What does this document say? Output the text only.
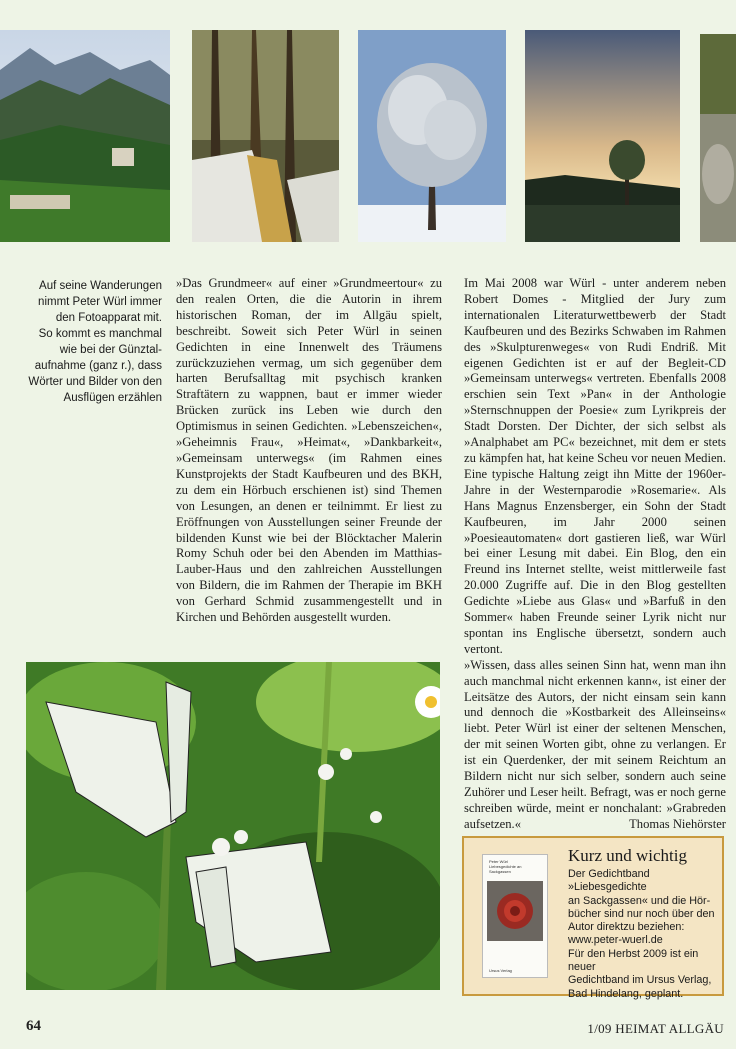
Auf seine Wanderungen
nimmt Peter Würl immer
den Fotoapparat mit.
So kommt es manchmal
wie bei der Günztal-
aufnahme (ganz r.), dass
Wörter und Bilder von den
Ausflügen erzählen

»Das Grundmeer« auf einer »Grundmeertour« zu den realen Orten, die die Autorin in ihrem historischen Roman, der im Allgäu spielt, beschreibt. Soweit sich Peter Würl in seinen Gedichten in eine Innenwelt des Träumens zurückzuziehen vermag, um sich gegenüber dem harten Berufsalltag mit psychisch kranken Straftätern zu wappnen, baut er immer wieder Brücken zurück ins Leben wie durch den Optimismus in seinen Gedichten. »Lebenszeichen«, »Geheimnis Frau«, »Heimat«, »Dankbarkeit«, »Gemeinsam unterwegs« (im Rahmen eines Kunstprojekts der Stadt Kaufbeuren und des BKH, zu dem ein Hörbuch erschienen ist) sind Themen von Lesungen, an denen er teilnimmt. Er liest zu Eröffnungen von Ausstellungen seiner Freunde der bildenden Kunst wie bei der Blöcktacher Malerin Romy Schuh oder bei den Abenden im Matthias-Lauber-Haus und den zahlreichen Ausstellungen von Bildern, die im Rahmen der Therapie im BKH von Gerhard Schmid zusammengestellt und in Kirchen und Behörden ausgestellt wurden.

Im Mai 2008 war Würl - unter anderem neben Robert Domes - Mitglied der Jury zum internationalen Literaturwettbewerb der Stadt Kaufbeuren und des Bezirks Schwaben im Rahmen des »Skulpturenweges« von Rudi Endriß. Mit eigenen Gedichten ist er auf der Begleit-CD »Gemeinsam unterwegs« vertreten. Ebenfalls 2008 erschien sein Text »Pan« in der Anthologie »Sternschnuppen der Poesie« zum Lyrikpreis der Stadt Dorsten. Der Dichter, der sich selbst als »Analphabet am PC« bezeichnet, mit dem er stets zu kämpfen hat, hat keine Scheu vor neuen Medien. Eine typische Haltung zeigt ihn Mitte der 1960er-Jahre in der Westernparodie »Rosemarie«. Als Hans Magnus Enzensberger, ein Sohn der Stadt Kaufbeuren, im Jahr 2000 seinen »Poesieautomaten« dort gastieren ließ, war Würl bei einer Lesung mit dabei. Ein Blog, den ein Freund ins Internet stellte, weist mittlerweile fast 20.000 Zugriffe auf. Die in den Blog gestellten Gedichte »Liebe aus Glas« und »Barfuß in den Sommer« haben Freunde seiner Lyrik nicht nur spontan ins Englische übersetzt, sondern auch vertont.

»Wissen, dass alles seinen Sinn hat, wenn man ihn auch manchmal nicht erkennen kann«, ist einer der Leitsätze des Autors, der nicht einsam sein kann und dennoch die »Kostbarkeit des Alleinseins« liebt. Peter Würl ist einer der seltenen Menschen, der mit seinen Worten gibt, ohne zu verlangen. Er ist ein Querdenker, der mit seinem Reichtum an Bildern nicht nur sich selber, sondern auch seine Zuhörer und Leser heilt. Befragt, was er noch gerne schreiben würde, meint er nonchalant: »Grabreden aufsetzen.«	Thomas Niehörster

Peter Würl
Liebesgedichte an Sackgassen
Ursus Verlag
Kurz und wichtig
Der Gedichtband »Liebesgedichte
an Sackgassen« und die Hör-
bücher sind nur noch über den
Autor direktzu beziehen:
www.peter-wuerl.de
Für den Herbst 2009 ist ein neuer
Gedichtband im Ursus Verlag,
Bad Hindelang, geplant.
64	1/09 HEIMAT ALLGÄU
